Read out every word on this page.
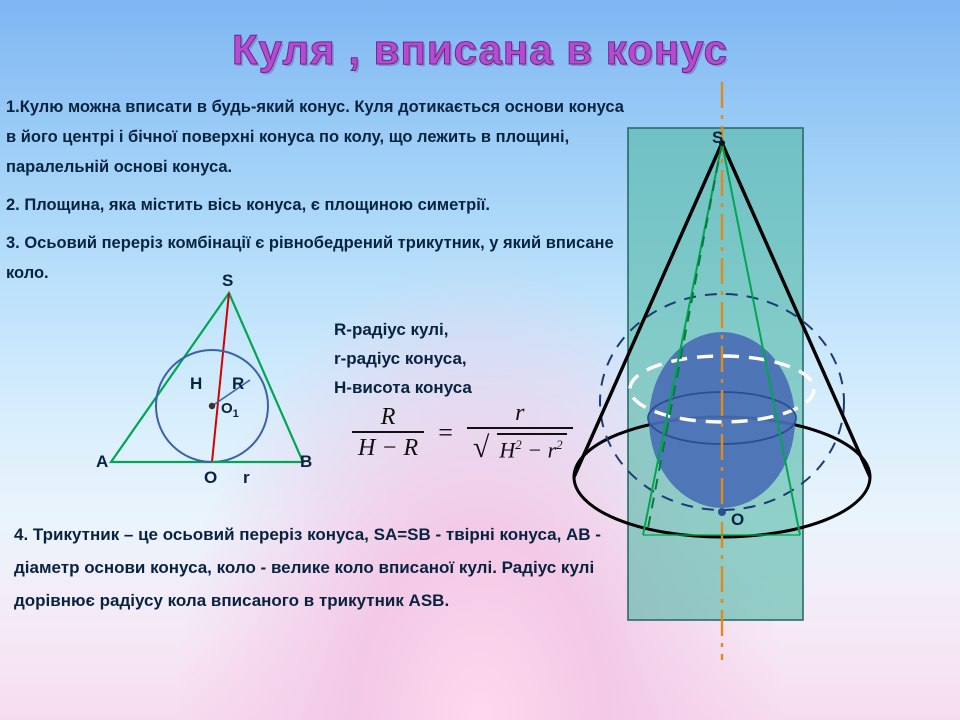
Куля , вписана в конус
1.Кулю можна вписати в будь-який конус. Куля дотикається основи конуса в його центрі і бічної поверхні конуса по колу, що лежить в площині, паралельній основі конуса.
2. Площина, яка містить вісь конуса, є площиною симетрії.
3. Осьовий переріз комбінації є рівнобедрений трикутник, у який вписане коло.
4. Трикутник – це осьовий переріз конуса, SA=SB - твірні конуса, AB - діаметр основи конуса, коло - велике коло вписаної кулі. Радіус кулі дорівнює радіусу кола вписаного в трикутник ASB.
R-радіус кулі,
r-радіус конуса,
H-висота конуса
$\frac{R}{H - R} = \frac{r}{√ H^2 - r^2}$
S
A	B
O r
H R
$O_1$
S
O
